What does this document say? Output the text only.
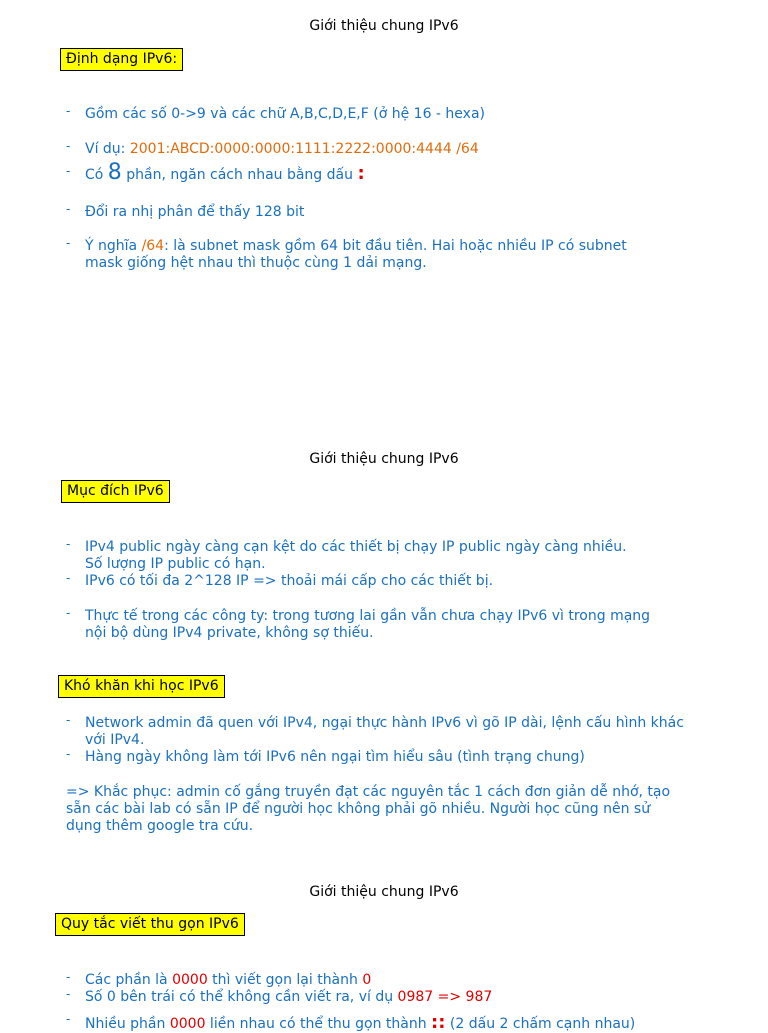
Giới thiệu chung IPv6
Định dạng IPv6:
- Gồm các số 0->9 và các chữ A,B,C,D,E,F (ở hệ 16 - hexa)
- Ví dụ: 2001:ABCD:0000:0000:1111:2222:0000:4444 /64
- Có 8 phần, ngăn cách nhau bằng dấu :
- Đổi ra nhị phân để thấy 128 bit
- Ý nghĩa /64: là subnet mask gồm 64 bit đầu tiên. Hai hoặc nhiều IP có subnet
mask giống hệt nhau thì thuộc cùng 1 dải mạng.
Giới thiệu chung IPv6
Mục đích IPv6
- IPv4 public ngày càng cạn kệt do các thiết bị chạy IP public ngày càng nhiều.
Số lượng IP public có hạn.
- IPv6 có tối đa 2^128 IP => thoải mái cấp cho các thiết bị.
- Thực tế trong các công ty: trong tương lai gần vẫn chưa chạy IPv6 vì trong mạng
nội bộ dùng IPv4 private, không sợ thiếu.
Khó khăn khi học IPv6
- Network admin đã quen với IPv4, ngại thực hành IPv6 vì gõ IP dài, lệnh cấu hình khác
với IPv4.
- Hàng ngày không làm tới IPv6 nên ngại tìm hiểu sâu (tình trạng chung)
=> Khắc phục: admin cố gắng truyền đạt các nguyên tắc 1 cách đơn giản dễ nhớ, tạo
sẵn các bài lab có sẵn IP để người học không phải gõ nhiều. Người học cũng nên sử
dụng thêm google tra cứu.
Giới thiệu chung IPv6
Quy tắc viết thu gọn IPv6
- Các phần là 0000 thì viết gọn lại thành 0
- Số 0 bên trái có thể không cần viết ra, ví dụ 0987 => 987
- Nhiều phần 0000 liền nhau có thể thu gọn thành :: (2 dấu 2 chấm cạnh nhau)
